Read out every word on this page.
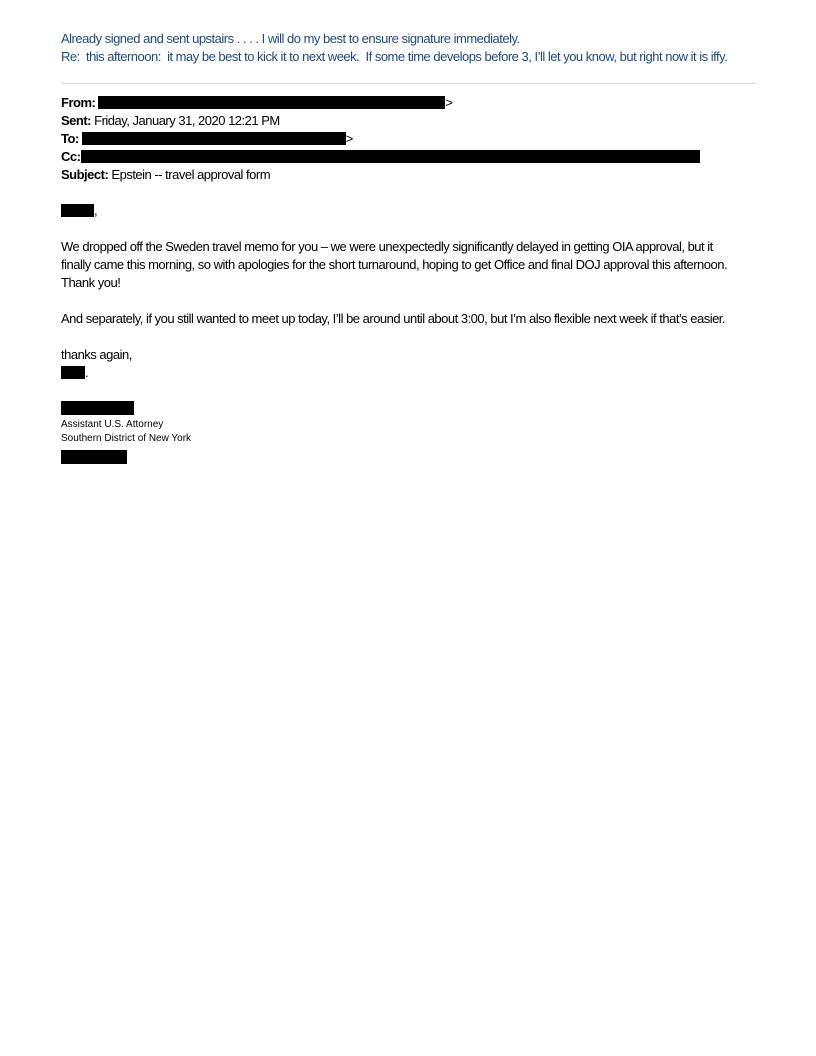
Already signed and sent upstairs . . . . I will do my best to ensure signature immediately.

Re:  this afternoon:  it may be best to kick it to next week.  If some time develops before 3, I’ll let you know, but right now it is iffy.

From:	>
Sent: Friday, January 31, 2020 12:21 PM
To:	>
Cc:
Subject: Epstein -- travel approval form
,

We dropped off the Sweden travel memo for you – we were unexpectedly significantly delayed in getting OIA approval, but it finally came this morning, so with apologies for the short turnaround, hoping to get Office and final DOJ approval this afternoon.  Thank you!

And separately, if you still wanted to meet up today, I’ll be around until about 3:00, but I’m also flexible next week if that’s easier.

thanks again,

.

Assistant U.S. Attorney

Southern District of New York
